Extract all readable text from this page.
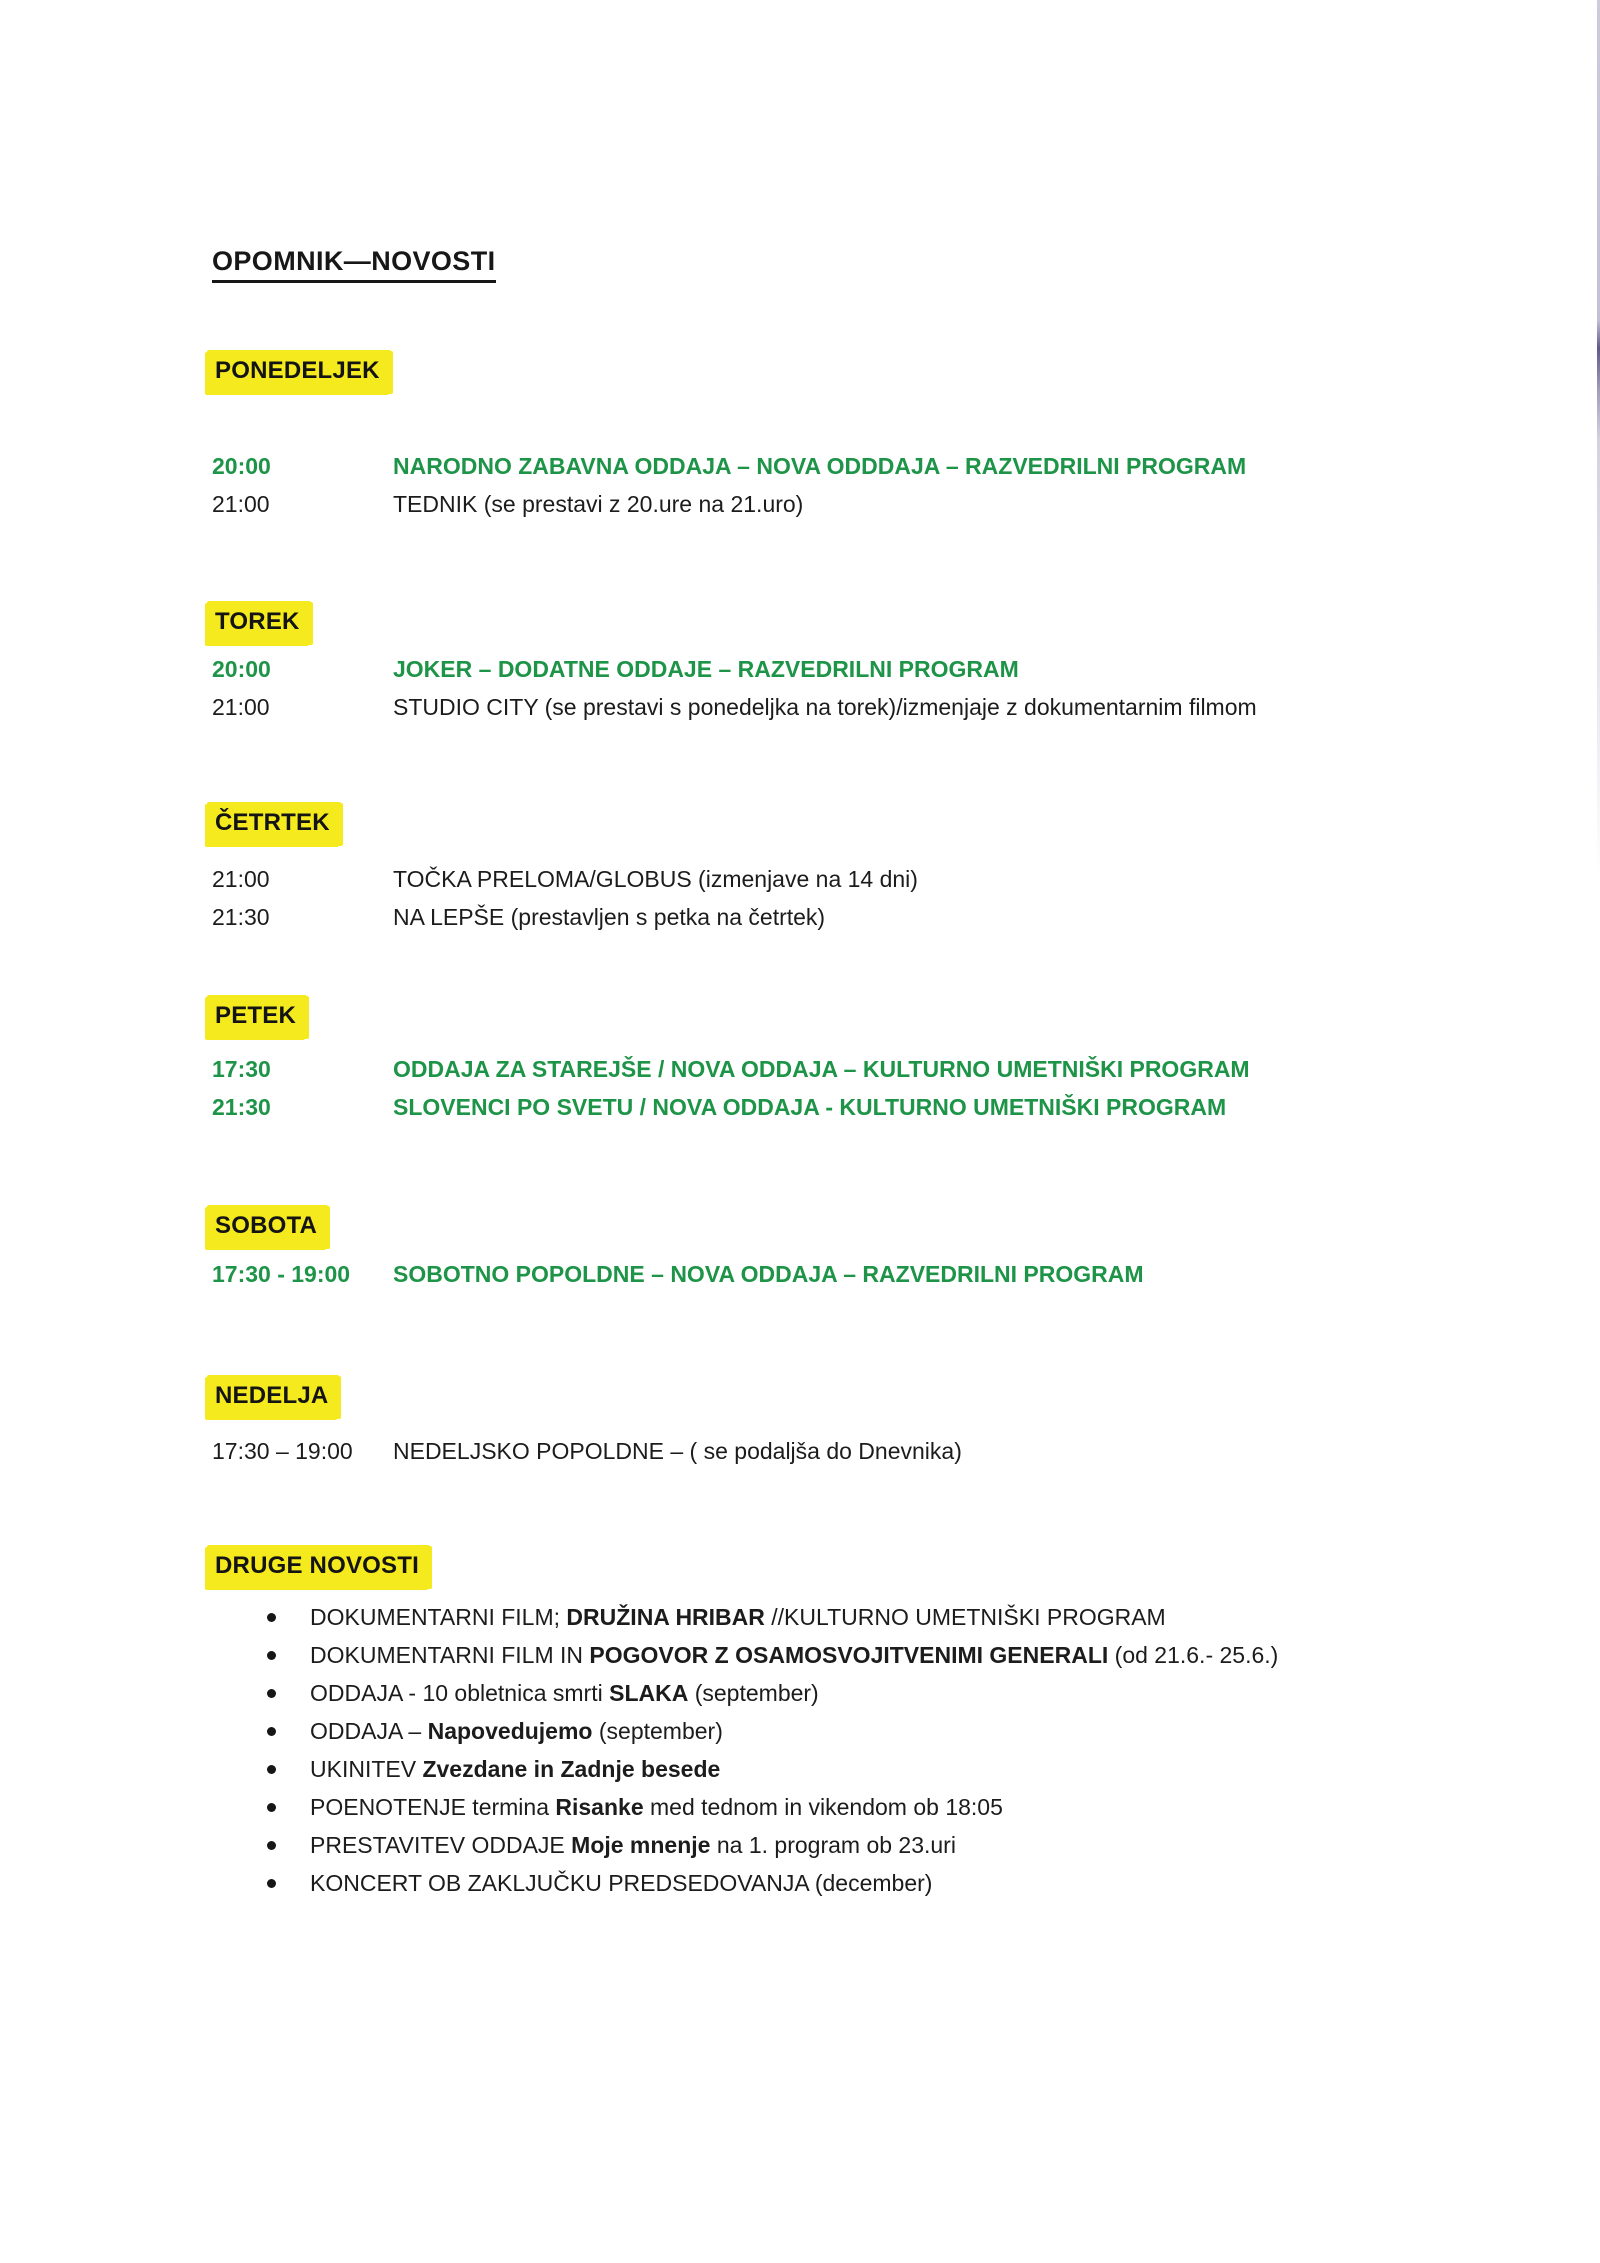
OPOMNIK—NOVOSTI
PONEDELJEK
20:00	NARODNO ZABAVNA ODDAJA – NOVA ODDDAJA – RAZVEDRILNI PROGRAM
21:00	TEDNIK (se prestavi z 20.ure na 21.uro)
TOREK
20:00	JOKER – DODATNE ODDAJE – RAZVEDRILNI PROGRAM
21:00	STUDIO CITY (se prestavi s ponedeljka na torek)/izmenjaje z dokumentarnim filmom
ČETRTEK
21:00	TOČKA PRELOMA/GLOBUS (izmenjave na 14 dni)
21:30	NA LEPŠE (prestavljen s petka na četrtek)
PETEK
17:30	ODDAJA ZA STAREJŠE / NOVA ODDAJA – KULTURNO UMETNIŠKI PROGRAM
21:30	SLOVENCI PO SVETU / NOVA ODDAJA - KULTURNO UMETNIŠKI PROGRAM
SOBOTA
17:30 - 19:00	SOBOTNO POPOLDNE – NOVA ODDAJA – RAZVEDRILNI PROGRAM
NEDELJA
17:30 – 19:00	NEDELJSKO POPOLDNE – ( se podaljša do Dnevnika)
DRUGE NOVOSTI
DOKUMENTARNI FILM; DRUŽINA HRIBAR //KULTURNO UMETNIŠKI PROGRAM
DOKUMENTARNI FILM IN POGOVOR Z OSAMOSVOJITVENIMI GENERALI (od 21.6.- 25.6.)
ODDAJA - 10 obletnica smrti SLAKA (september)
ODDAJA – Napovedujemo (september)
UKINITEV Zvezdane in Zadnje besede
POENOTENJE termina Risanke med tednom in vikendom ob 18:05
PRESTAVITEV ODDAJE Moje mnenje na 1. program ob 23.uri
KONCERT OB ZAKLJUČKU PREDSEDOVANJA (december)
